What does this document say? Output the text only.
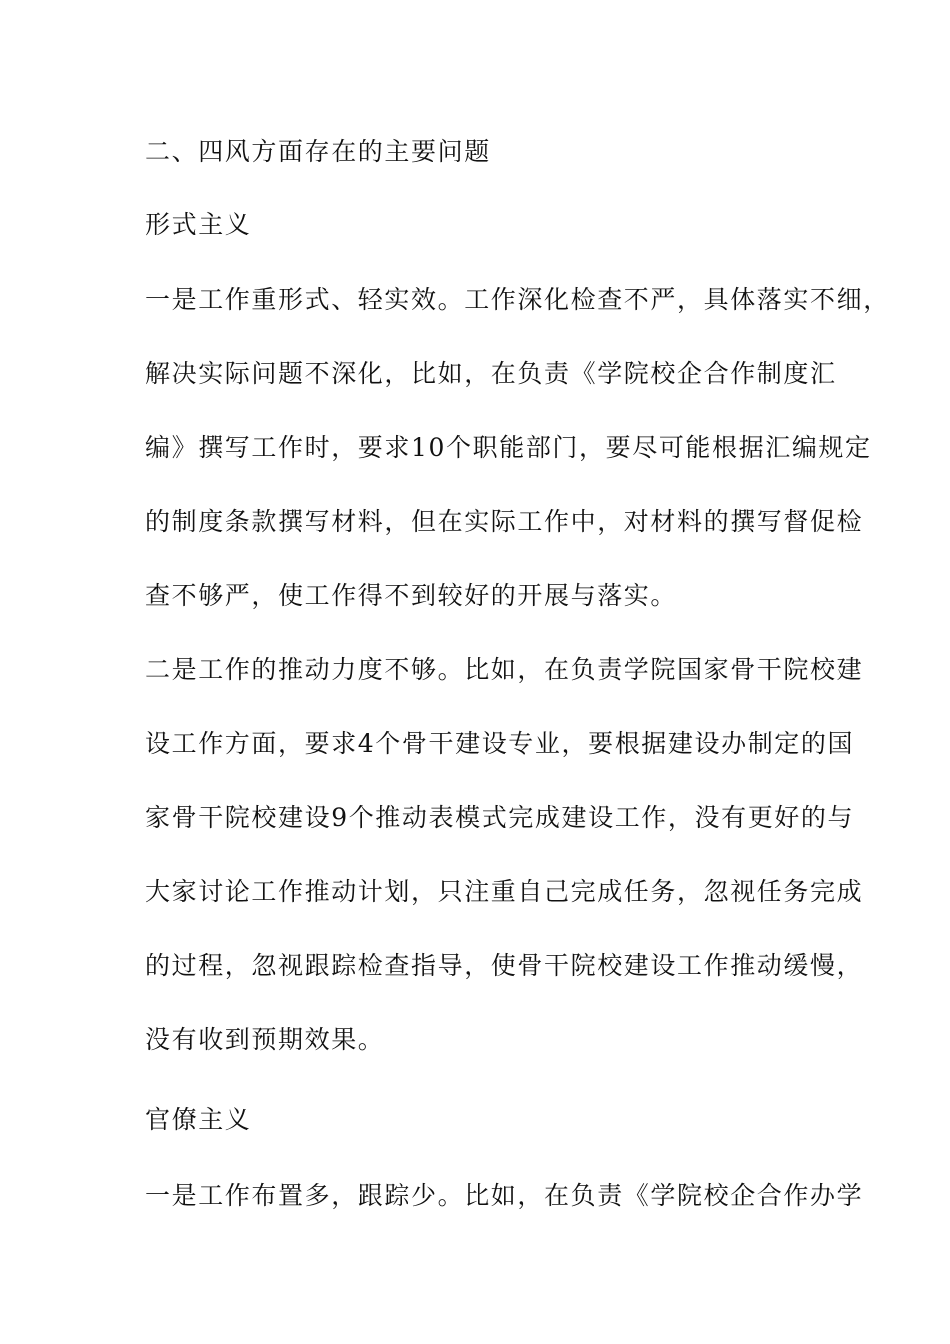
二、四风方面存在的主要问题

形式主义

一是工作重形式、轻实效。工作深化检查不严，具体落实不细，

解决实际问题不深化，比如，在负责《学院校企合作制度汇

编》撰写工作时，要求10个职能部门，要尽可能根据汇编规定

的制度条款撰写材料，但在实际工作中，对材料的撰写督促检

查不够严，使工作得不到较好的开展与落实。

二是工作的推动力度不够。比如，在负责学院国家骨干院校建

设工作方面，要求4个骨干建设专业，要根据建设办制定的国

家骨干院校建设9个推动表模式完成建设工作，没有更好的与

大家讨论工作推动计划，只注重自己完成任务，忽视任务完成

的过程，忽视跟踪检查指导，使骨干院校建设工作推动缓慢，

没有收到预期效果。

官僚主义

一是工作布置多，跟踪少。比如，在负责《学院校企合作办学
